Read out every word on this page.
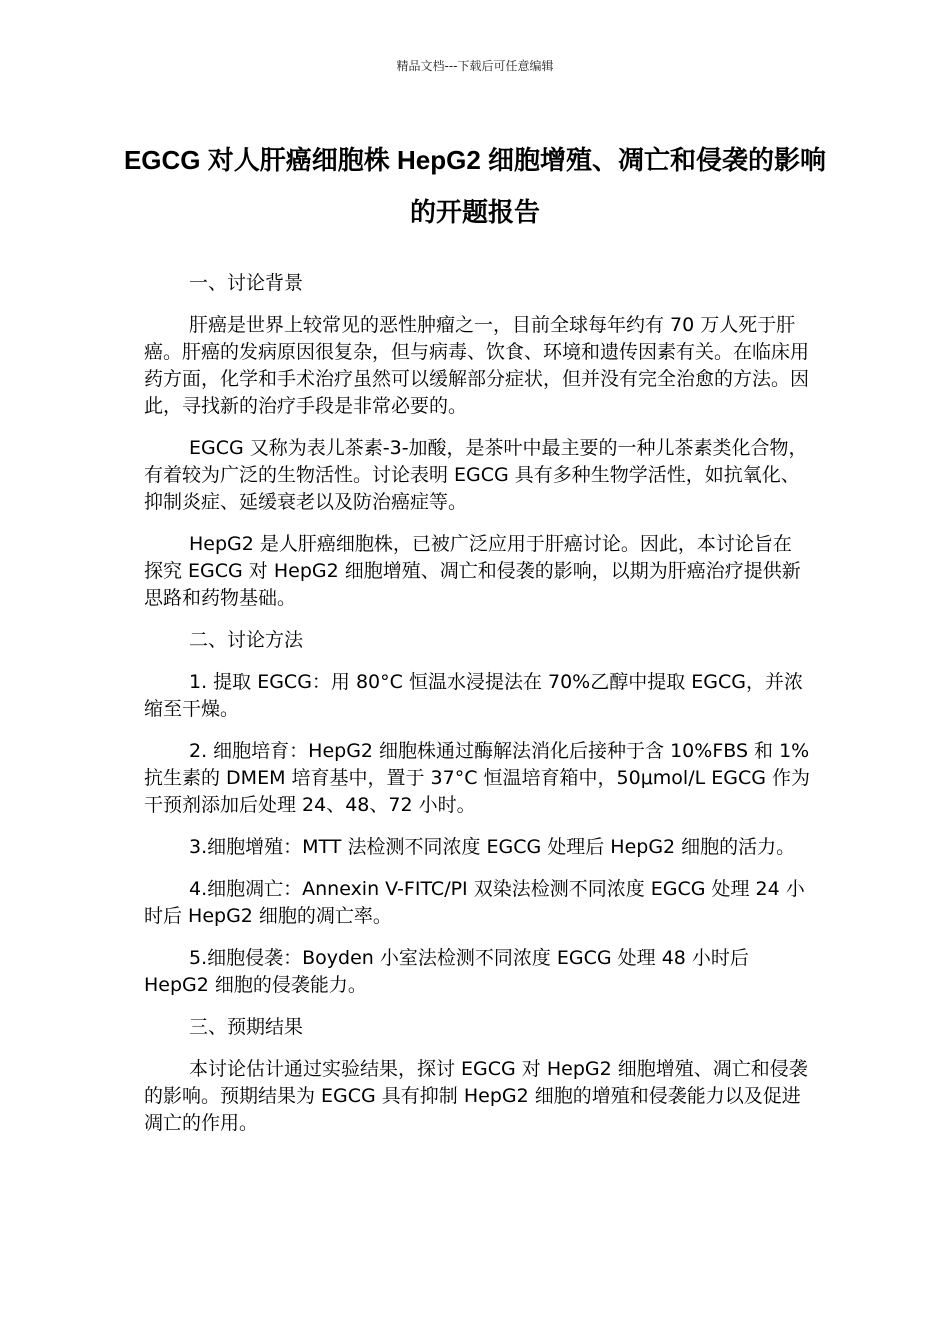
精品文档---下载后可任意编辑
EGCG 对人肝癌细胞株 HepG2 细胞增殖、凋亡和侵袭的影响的开题报告

一、讨论背景

肝癌是世界上较常见的恶性肿瘤之一，目前全球每年约有 70 万人死于肝癌。肝癌的发病原因很复杂，但与病毒、饮食、环境和遗传因素有关。在临床用药方面，化学和手术治疗虽然可以缓解部分症状，但并没有完全治愈的方法。因此，寻找新的治疗手段是非常必要的。

EGCG 又称为表儿茶素-3-加酸，是茶叶中最主要的一种儿茶素类化合物，有着较为广泛的生物活性。讨论表明 EGCG 具有多种生物学活性，如抗氧化、抑制炎症、延缓衰老以及防治癌症等。

HepG2 是人肝癌细胞株，已被广泛应用于肝癌讨论。因此，本讨论旨在探究 EGCG 对 HepG2 细胞增殖、凋亡和侵袭的影响，以期为肝癌治疗提供新思路和药物基础。

二、讨论方法

1. 提取 EGCG：用 80°C 恒温水浸提法在 70%乙醇中提取 EGCG，并浓缩至干燥。

2. 细胞培育：HepG2 细胞株通过酶解法消化后接种于含 10%FBS 和 1%抗生素的 DMEM 培育基中，置于 37°C 恒温培育箱中，50μmol/L EGCG 作为干预剂添加后处理 24、48、72 小时。

3.细胞增殖：MTT 法检测不同浓度 EGCG 处理后 HepG2 细胞的活力。

4.细胞凋亡：Annexin V-FITC/PI 双染法检测不同浓度 EGCG 处理 24 小时后 HepG2 细胞的凋亡率。

5.细胞侵袭：Boyden 小室法检测不同浓度 EGCG 处理 48 小时后 HepG2 细胞的侵袭能力。

三、预期结果

本讨论估计通过实验结果，探讨 EGCG 对 HepG2 细胞增殖、凋亡和侵袭的影响。预期结果为 EGCG 具有抑制 HepG2 细胞的增殖和侵袭能力以及促进凋亡的作用。
